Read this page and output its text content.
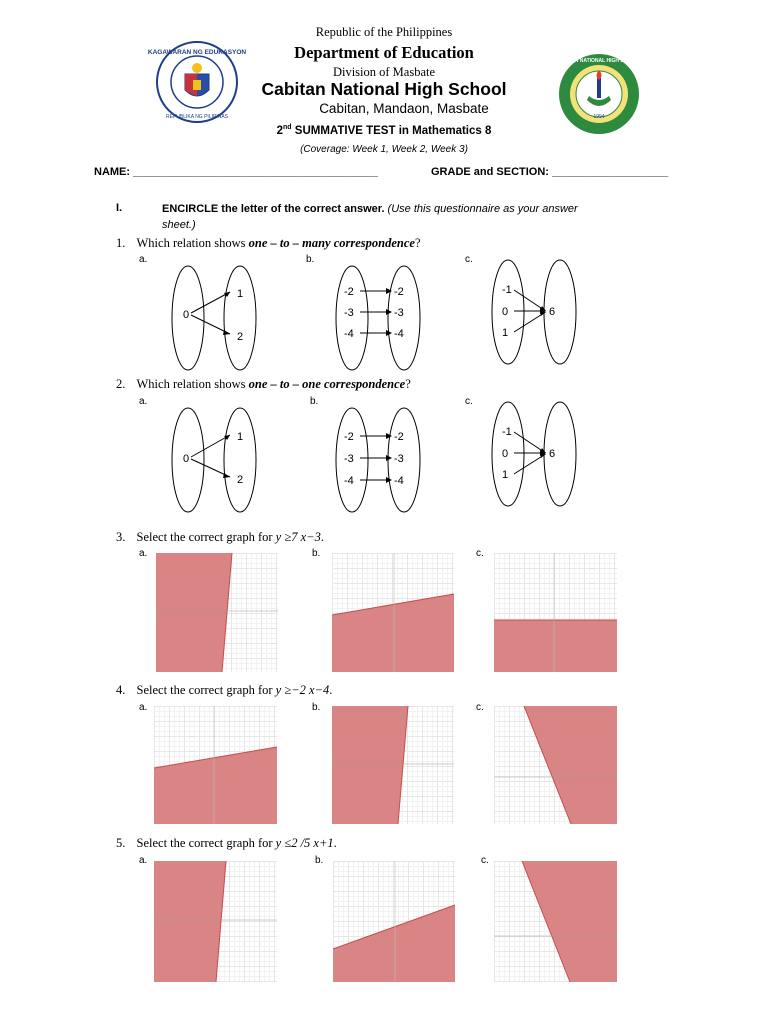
KAGAWARAN NG EDUKASYON
REPUBLIKA NG PILIPINAS
CABITAN NATIONAL HIGH SCHOOL
1994
Republic of the Philippines
Department of Education
Division of Masbate
Cabitan National High School
Cabitan, Mandaon, Masbate
2nd SUMMATIVE TEST in Mathematics 8
(Coverage: Week 1, Week 2, Week 3)
NAME: ________________________________________	GRADE and SECTION: ___________________
I.	ENCIRCLE the letter of the correct answer. (Use this questionnaire as your answer
sheet.)
1. Which relation shows one – to – many correspondence?
a.	b.	c.
0
1
2
-2
-3
-4
-2
-3
-4
-1
0
1
6
2. Which relation shows one – to – one correspondence?
a.	b.	c.
0
1
2
-2
-3
-4
-2
-3
-4
-1
0
1
6
3. Select the correct graph for y ≥7 x−3.
a.	b.	c.
4. Select the correct graph for y ≥−2 x−4.
a.	b.	c.
5. Select the correct graph for y ≤2 /5 x+1.
a.	b.	c.
